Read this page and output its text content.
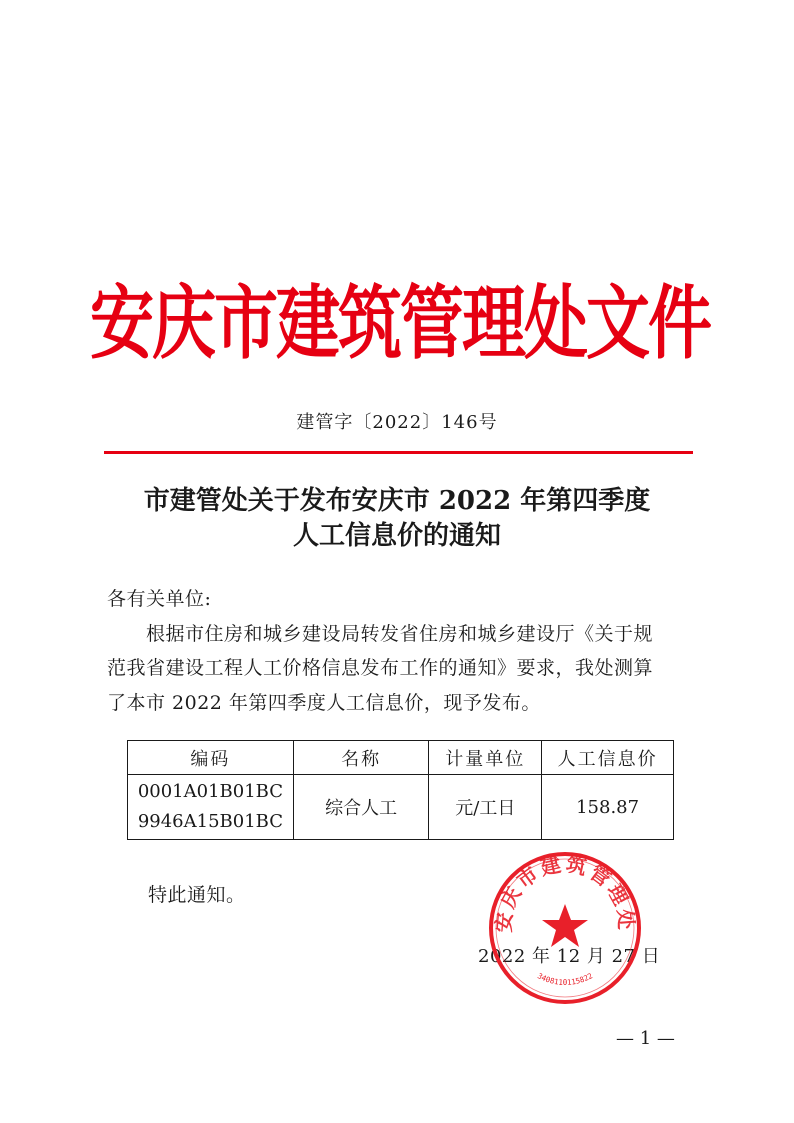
安庆市建筑管理处文件
建管字〔2022〕146号
市建管处关于发布安庆市 2022 年第四季度
人工信息价的通知
各有关单位:
根据市住房和城乡建设局转发省住房和城乡建设厅《关于规
范我省建设工程人工价格信息发布工作的通知》要求，我处测算
了本市 2022 年第四季度人工信息价，现予发布。
编码	名称	计量单位	人工信息价

0001A01B01BC
9946A15B01BC	综合人工	元/工日	158.87
特此通知。
2022 年 12 月 27 日
安庆市建筑管理处
3408110115822
— 1 —
